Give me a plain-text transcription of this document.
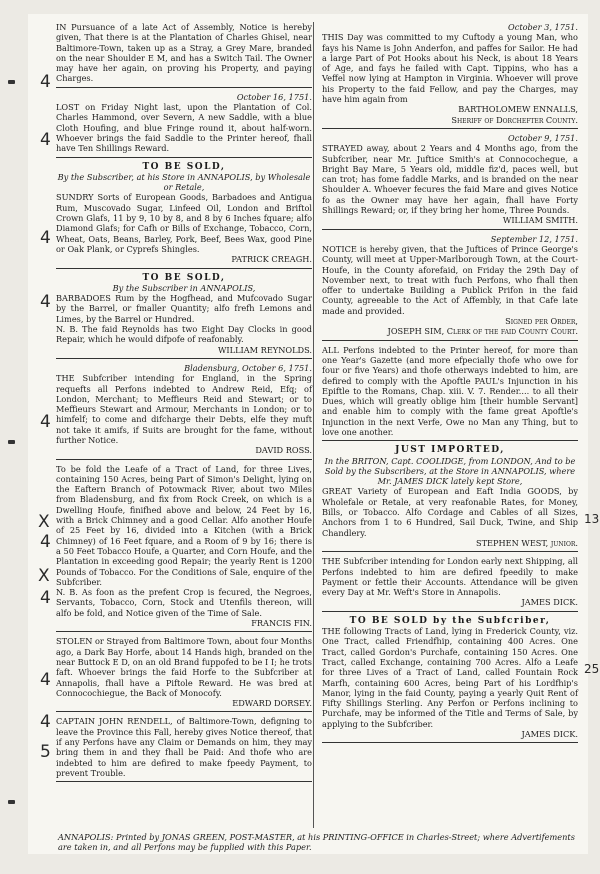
IN Pursuance of a late Act of Assembly, Notice is hereby given, That there is at the Plantation of Charles Ghisel, near Baltimore-Town, taken up as a Stray, a Grey Mare, branded on the near Shoulder E M, and has a Switch Tail. The Owner may have her again, on proving his Property, and paying Charges.

October 16, 1751.

LOST on Friday Night last, upon the Plantation of Col. Charles Hammond, over Severn, A new Saddle, with a blue Cloth Houfing, and blue Fringe round it, about half-worn. Whoever brings the faid Saddle to the Printer hereof, fhall have Ten Shillings Reward.

TO BE SOLD,

By the Subscriber, at his Store in ANNAPOLIS, by Wholesale or Retale,

SUNDRY Sorts of European Goods, Barbadoes and Antigua Rum, Muscovado Sugar, Linfeed Oil, London and Briftol Crown Glafs, 11 by 9, 10 by 8, and 8 by 6 Inches fquare; alfo Diamond Glafs; for Cafh or Bills of Exchange, Tobacco, Corn, Wheat, Oats, Beans, Barley, Pork, Beef, Bees Wax, good Pine or Oak Plank, or Cyprefs Shingles.

PATRICK CREAGH.

TO BE SOLD,

By the Subscriber in ANNAPOLIS,

BARBADOES Rum by the Hogfhead, and Mufcovado Sugar by the Barrel, or fmaller Quantity; alfo frefh Lemons and Limes, by the Barrel or Hundred.

N. B. The faid Reynolds has two Eight Day Clocks in good Repair, which he would difpofe of reafonably.

WILLIAM REYNOLDS.

Bladensburg, October 6, 1751.

THE Subfcriber intending for England, in the Spring requefts all Perfons indebted to Andrew Reid, Efq; of London, Merchant; to Meffieurs Reid and Stewart; or to Meffieurs Stewart and Armour, Merchants in London; or to himfelf; to come and difcharge their Debts, elfe they muft not take it amifs, if Suits are brought for the fame, without further Notice.

DAVID ROSS.

To be fold the Leafe of a Tract of Land, for three Lives, containing 150 Acres, being Part of Simon's Delight, lying on the Eaftern Branch of Potowmack River, about two Miles from Bladensburg, and fix from Rock Creek, on which is a Dwelling Houfe, finifhed above and below, 24 Feet by 16, with a Brick Chimney and a good Cellar. Alfo another Houfe of 25 Feet by 16, divided into a Kitchen (with a Brick Chimney) of 16 Feet fquare, and a Room of 9 by 16; there is a 50 Feet Tobacco Houfe, a Quarter, and Corn Houfe, and the Plantation in exceeding good Repair; the yearly Rent is 1200 Pounds of Tobacco. For the Conditions of Sale, enquire of the Subfcriber.

N. B. As foon as the prefent Crop is fecured, the Negroes, Servants, Tobacco, Corn, Stock and Utenfils thereon, will alfo be fold, and Notice given of the Time of Sale.

FRANCIS FIN.

STOLEN or Strayed from Baltimore Town, about four Months ago, a Dark Bay Horfe, about 14 Hands high, branded on the near Buttock E D, on an old Brand fuppofed to be I I; he trots faft. Whoever brings the faid Horfe to the Subfcriber at Annapolis, fhall have a Piftole Reward. He was bred at Connocochiegue, the Back of Monocofy.

EDWARD DORSEY.

CAPTAIN JOHN RENDELL, of Baltimore-Town, defigning to leave the Province this Fall, hereby gives Notice thereof, that if any Perfons have any Claim or Demands on him, they may bring them in and they fhall be Paid: And thofe who are indebted to him are defired to make fpeedy Payment, to prevent Trouble.

October 3, 1751.

THIS Day was committed to my Cuftody a young Man, who fays his Name is John Anderfon, and paffes for Sailor. He had a large Part of Pot Hooks about his Neck, is about 18 Years of Age, and fays he failed with Capt. Tippins, who has a Veffel now lying at Hampton in Virginia. Whoever will prove his Property to the faid Fellow, and pay the Charges, may have him again from

BARTHOLOMEW ENNALLS,

Sheriff of Dorchefter County.

October 9, 1751.

STRAYED away, about 2 Years and 4 Months ago, from the Subfcriber, near Mr. Juftice Smith's at Connocochegue, a Bright Bay Mare, 5 Years old, middle fiz'd, paces well, but can trot; has fome faddle Marks, and is branded on the near Shoulder A. Whoever fecures the faid Mare and gives Notice fo as the Owner may have her again, fhall have Forty Shillings Reward; or, if they bring her home, Three Pounds.

WILLIAM SMITH.

September 12, 1751.

NOTICE is hereby given, that the Juftices of Prince George's County, will meet at Upper-Marlborough Town, at the Court-Houfe, in the County aforefaid, on Friday the 29th Day of November next, to treat with fuch Perfons, who fhall then offer to undertake Building a Publick Prifon in the faid County, agreeable to the Act of Affembly, in that Cafe late made and provided.

Signed per Order,

JOSEPH SIM, Clerk of the faid County Court.

ALL Perfons indebted to the Printer hereof, for more than one Year's Gazette (and more efpecially thofe who owe for four or five Years) and thofe otherways indebted to him, are defired to comply with the Apoftle PAUL's Injunction in his Epiftle to the Romans, Chap. xiii. V. 7. Render.... to all their Dues, which will greatly oblige him [their humble Servant] and enable him to comply with the fame great Apoftle's Injunction in the next Verfe, Owe no Man any Thing, but to love one another.

JUST IMPORTED,

In the BRITON, Capt. COOLIDGE, from LONDON, And to be Sold by the Subscribers, at the Store in ANNAPOLIS, where Mr. JAMES DICK lately kept Store,

GREAT Variety of European and Eaft India GOODS, by Wholefale or Retale, at very reafonable Rates, for Money, Bills, or Tobacco. Alfo Cordage and Cables of all Sizes, Anchors from 1 to 6 Hundred, Sail Duck, Twine, and Ship Chandlery.

STEPHEN WEST, junior.

THE Subfcriber intending for London early next Shipping, all Perfons indebted to him are defired fpeedily to make Payment or fettle their Accounts. Attendance will be given every Day at Mr. Weft's Store in Annapolis.

JAMES DICK.

TO BE SOLD by the Subfcriber,

THE following Tracts of Land, lying in Frederick County, viz. One Tract, called Friendfhip, containing 400 Acres. One Tract, called Gordon's Purchafe, containing 150 Acres. One Tract, called Exchange, containing 700 Acres. Alfo a Leafe for three Lives of a Tract of Land, called Fountain Rock Marfh, containing 600 Acres, being Part of his Lordfhip's Manor, lying in the faid County, paying a yearly Quit Rent of Fifty Shillings Sterling. Any Perfon or Perfons inclining to Purchafe, may be informed of the Title and Terms of Sale, by applying to the Subfcriber.

JAMES DICK.

ANNAPOLIS: Printed by JONAS GREEN, POST-MASTER, at his PRINTING-OFFICE in Charles-Street; where Advertifements are taken in, and all Perfons may be fupplied with this Paper.
4
4
4
X
4
4
4
X
4
4
4
5
13
25
